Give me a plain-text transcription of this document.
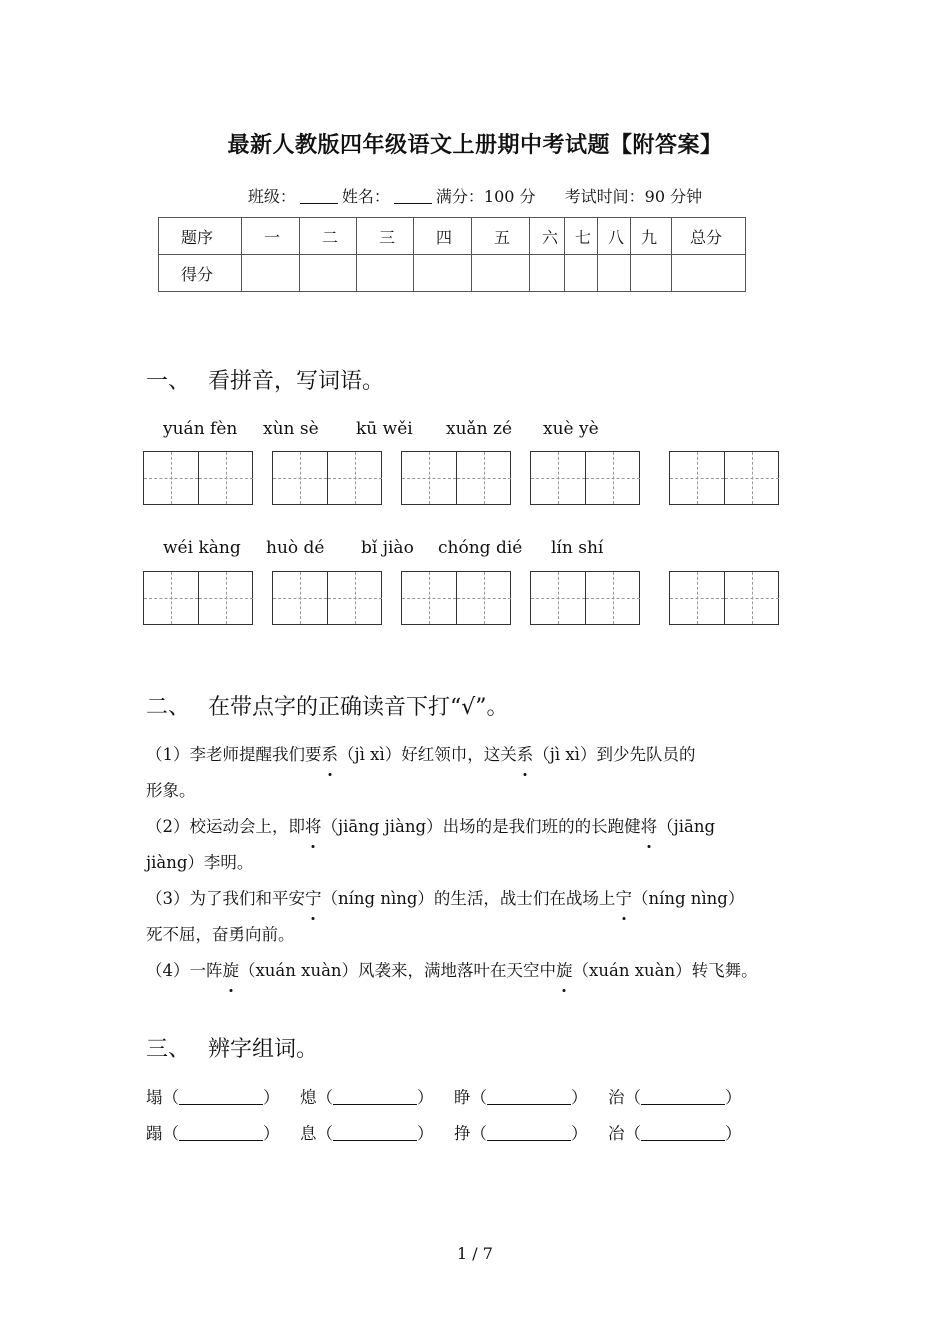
最新人教版四年级语文上册期中考试题【附答案】
班级：	姓名：	满分：100 分 考试时间：90 分钟
题序	一	二	三	四	五	六	七	八	九	总分
得分										
一、 看拼音，写词语。
yuán fèn xùn sè kū wěi xuǎn zé xuè yè
wéi kàng huò dé bǐ jiào chóng dié lín shí
二、 在带点字的正确读音下打“√”。
（1）李老师提醒我们要系（jì xì）好红领巾，这关系（jì xì）到少先队员的
形象。
（2）校运动会上，即将（jiāng jiàng）出场的是我们班的的长跑健将（jiāng
jiàng）李明。
（3）为了我们和平安宁（níng nìng）的生活，战士们在战场上宁（níng nìng）
死不屈，奋勇向前。
（4）一阵旋（xuán xuàn）风袭来，满地落叶在天空中旋（xuán xuàn）转飞舞。
三、 辨字组词。
塌（	） 熄（	） 睁（	） 治（	）
蹋（	） 息（	） 挣（	） 冶（	）
1 / 7
